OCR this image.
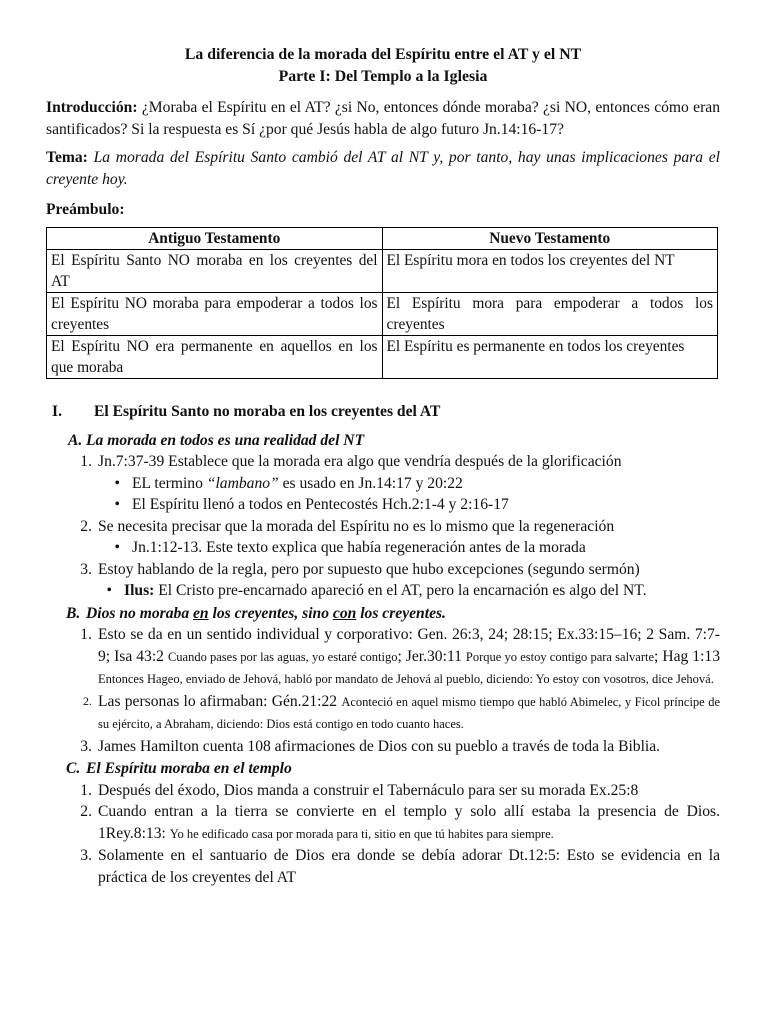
La diferencia de la morada del Espíritu entre el AT y el NT

Parte I: Del Templo a la Iglesia

Introducción: ¿Moraba el Espíritu en el AT? ¿si No, entonces dónde moraba? ¿si NO, entonces cómo eran santificados? Si la respuesta es Sí ¿por qué Jesús habla de algo futuro Jn.14:16-17?

Tema: La morada del Espíritu Santo cambió del AT al NT y, por tanto, hay unas implicaciones para el creyente hoy.

Preámbulo:

Antiguo Testamento	Nuevo Testamento
El Espíritu Santo NO moraba en los creyentes del AT	El Espíritu mora en todos los creyentes del NT
El Espíritu NO moraba para empoderar a todos los creyentes	El Espíritu mora para empoderar a todos los creyentes
El Espíritu NO era permanente en aquellos en los que moraba	El Espíritu es permanente en todos los creyentes
I.	El Espíritu Santo no moraba en los creyentes del AT
A. La morada en todos es una realidad del NT
1. Jn.7:37-39 Establece que la morada era algo que vendría después de la glorificación
• EL termino “lambano” es usado en Jn.14:17 y 20:22
• El Espíritu llenó a todos en Pentecostés Hch.2:1-4 y 2:16-17
2. Se necesita precisar que la morada del Espíritu no es lo mismo que la regeneración
• Jn.1:12-13. Este texto explica que había regeneración antes de la morada
3. Estoy hablando de la regla, pero por supuesto que hubo excepciones (segundo sermón)
• Ilus: El Cristo pre-encarnado apareció en el AT, pero la encarnación es algo del NT.
B. Dios no moraba en los creyentes, sino con los creyentes.
1. Esto se da en un sentido individual y corporativo: Gen. 26:3, 24; 28:15; Ex.33:15–16; 2 Sam. 7:7-9; Isa 43:2 Cuando pases por las aguas, yo estaré contigo; Jer.30:11 Porque yo estoy contigo para salvarte; Hag 1:13 Entonces Hageo, enviado de Jehová, habló por mandato de Jehová al pueblo, diciendo: Yo estoy con vosotros, dice Jehová.
2. Las personas lo afirmaban: Gén.21:22 Aconteció en aquel mismo tiempo que habló Abimelec, y Ficol príncipe de su ejército, a Abraham, diciendo: Dios está contigo en todo cuanto haces.
3. James Hamilton cuenta 108 afirmaciones de Dios con su pueblo a través de toda la Biblia.
C. El Espíritu moraba en el templo
1. Después del éxodo, Dios manda a construir el Tabernáculo para ser su morada Ex.25:8
2. Cuando entran a la tierra se convierte en el templo y solo allí estaba la presencia de Dios. 1Rey.8:13: Yo he edificado casa por morada para ti, sitio en que tú habites para siempre.
3. Solamente en el santuario de Dios era donde se debía adorar Dt.12:5: Esto se evidencia en la práctica de los creyentes del AT
